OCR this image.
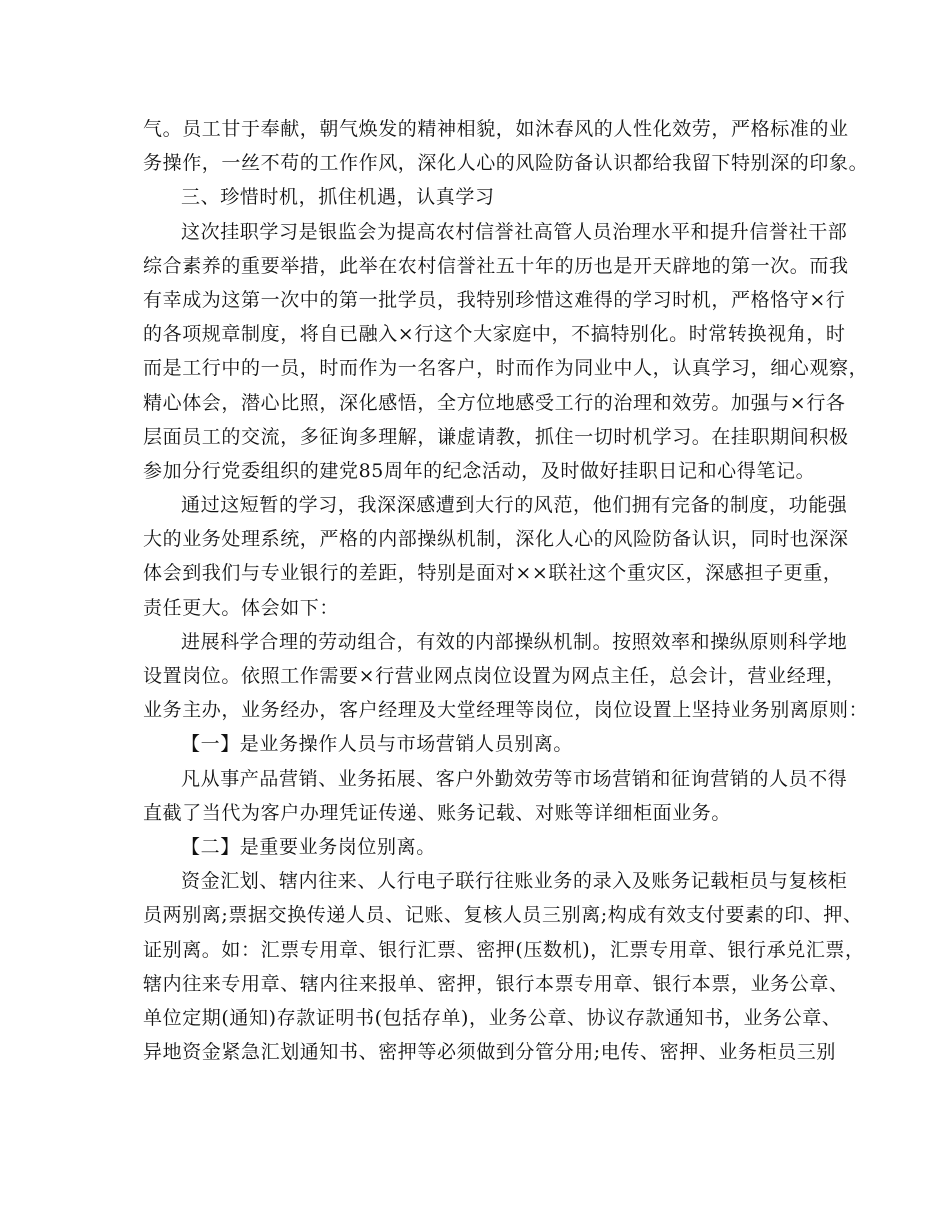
气。员工甘于奉献，朝气焕发的精神相貌，如沐春风的人性化效劳，严格标准的业
务操作，一丝不苟的工作作风，深化人心的风险防备认识都给我留下特别深的印象。
三、珍惜时机，抓住机遇，认真学习
这次挂职学习是银监会为提高农村信誉社高管人员治理水平和提升信誉社干部
综合素养的重要举措，此举在农村信誉社五十年的历也是开天辟地的第一次。而我
有幸成为这第一次中的第一批学员，我特别珍惜这难得的学习时机，严格恪守×行
的各项规章制度，将自已融入×行这个大家庭中，不搞特别化。时常转换视角，时
而是工行中的一员，时而作为一名客户，时而作为同业中人，认真学习，细心观察，
精心体会，潜心比照，深化感悟，全方位地感受工行的治理和效劳。加强与×行各
层面员工的交流，多征询多理解，谦虚请教，抓住一切时机学习。在挂职期间积极
参加分行党委组织的建党85周年的纪念活动，及时做好挂职日记和心得笔记。
通过这短暂的学习，我深深感遭到大行的风范，他们拥有完备的制度，功能强
大的业务处理系统，严格的内部操纵机制，深化人心的风险防备认识，同时也深深
体会到我们与专业银行的差距，特别是面对××联社这个重灾区，深感担子更重，
责任更大。体会如下：
进展科学合理的劳动组合，有效的内部操纵机制。按照效率和操纵原则科学地
设置岗位。依照工作需要×行营业网点岗位设置为网点主任，总会计，营业经理，
业务主办，业务经办，客户经理及大堂经理等岗位，岗位设置上坚持业务别离原则：
【一】是业务操作人员与市场营销人员别离。
凡从事产品营销、业务拓展、客户外勤效劳等市场营销和征询营销的人员不得
直截了当代为客户办理凭证传递、账务记载、对账等详细柜面业务。
【二】是重要业务岗位别离。
资金汇划、辖内往来、人行电子联行往账业务的录入及账务记载柜员与复核柜
员两别离;票据交换传递人员、记账、复核人员三别离;构成有效支付要素的印、押、
证别离。如：汇票专用章、银行汇票、密押(压数机)，汇票专用章、银行承兑汇票，
辖内往来专用章、辖内往来报单、密押，银行本票专用章、银行本票，业务公章、
单位定期(通知)存款证明书(包括存单)，业务公章、协议存款通知书，业务公章、
异地资金紧急汇划通知书、密押等必须做到分管分用;电传、密押、业务柜员三别
